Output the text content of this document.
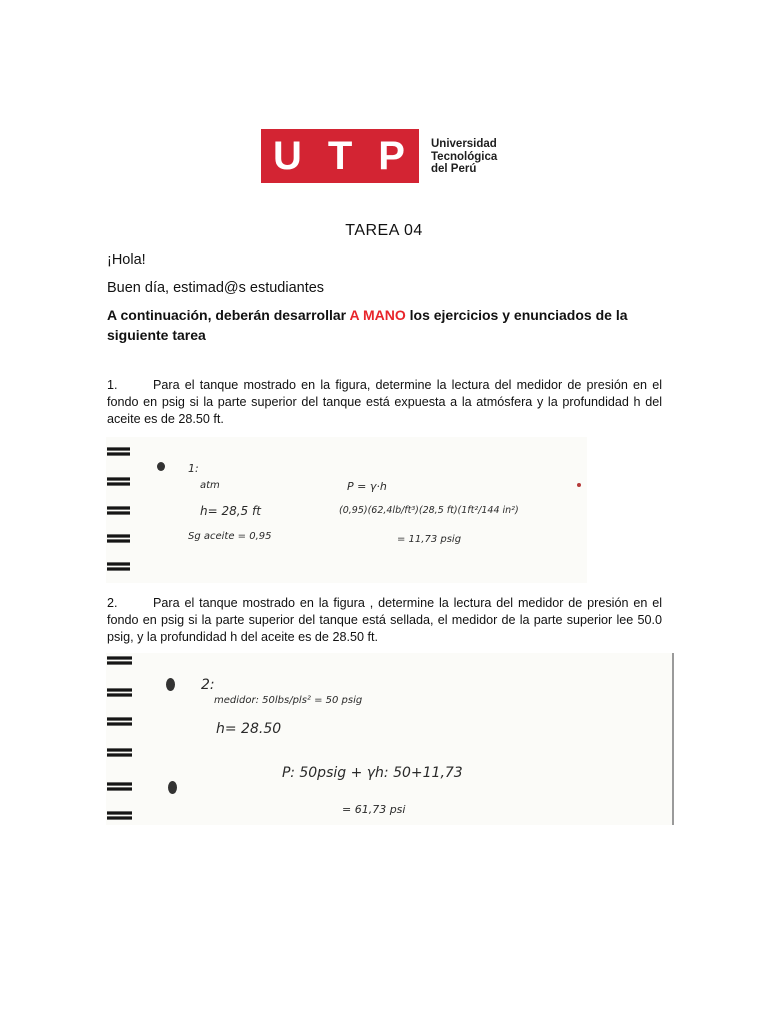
U T P Universidad
Tecnológica
del Perú
TAREA 04
¡Hola!
Buen día, estimad@s estudiantes
A continuación, deberán desarrollar A MANO los ejercicios y enunciados de la siguiente tarea
1.	Para el tanque mostrado en la figura, determine la lectura del medidor de presión en el fondo en psig si la parte superior del tanque está expuesta a la atmósfera y la profundidad h del aceite es de 28.50 ft.
1:
atm
h= 28,5 ft
Sg aceite = 0,95
P = γ·h
(0,95)(62,4lb/ft³)(28,5 ft)(1ft²/144 in²)
= 11,73 psig
2.	Para el tanque mostrado en la figura , determine la lectura del medidor de presión en el fondo en psig si la parte superior del tanque está sellada, el medidor de la parte superior lee 50.0 psig, y la profundidad h del aceite es de 28.50 ft.
2:
medidor: 50lbs/pls² = 50 psig
h= 28.50
P: 50psig + γh: 50+11,73
= 61,73 psi
